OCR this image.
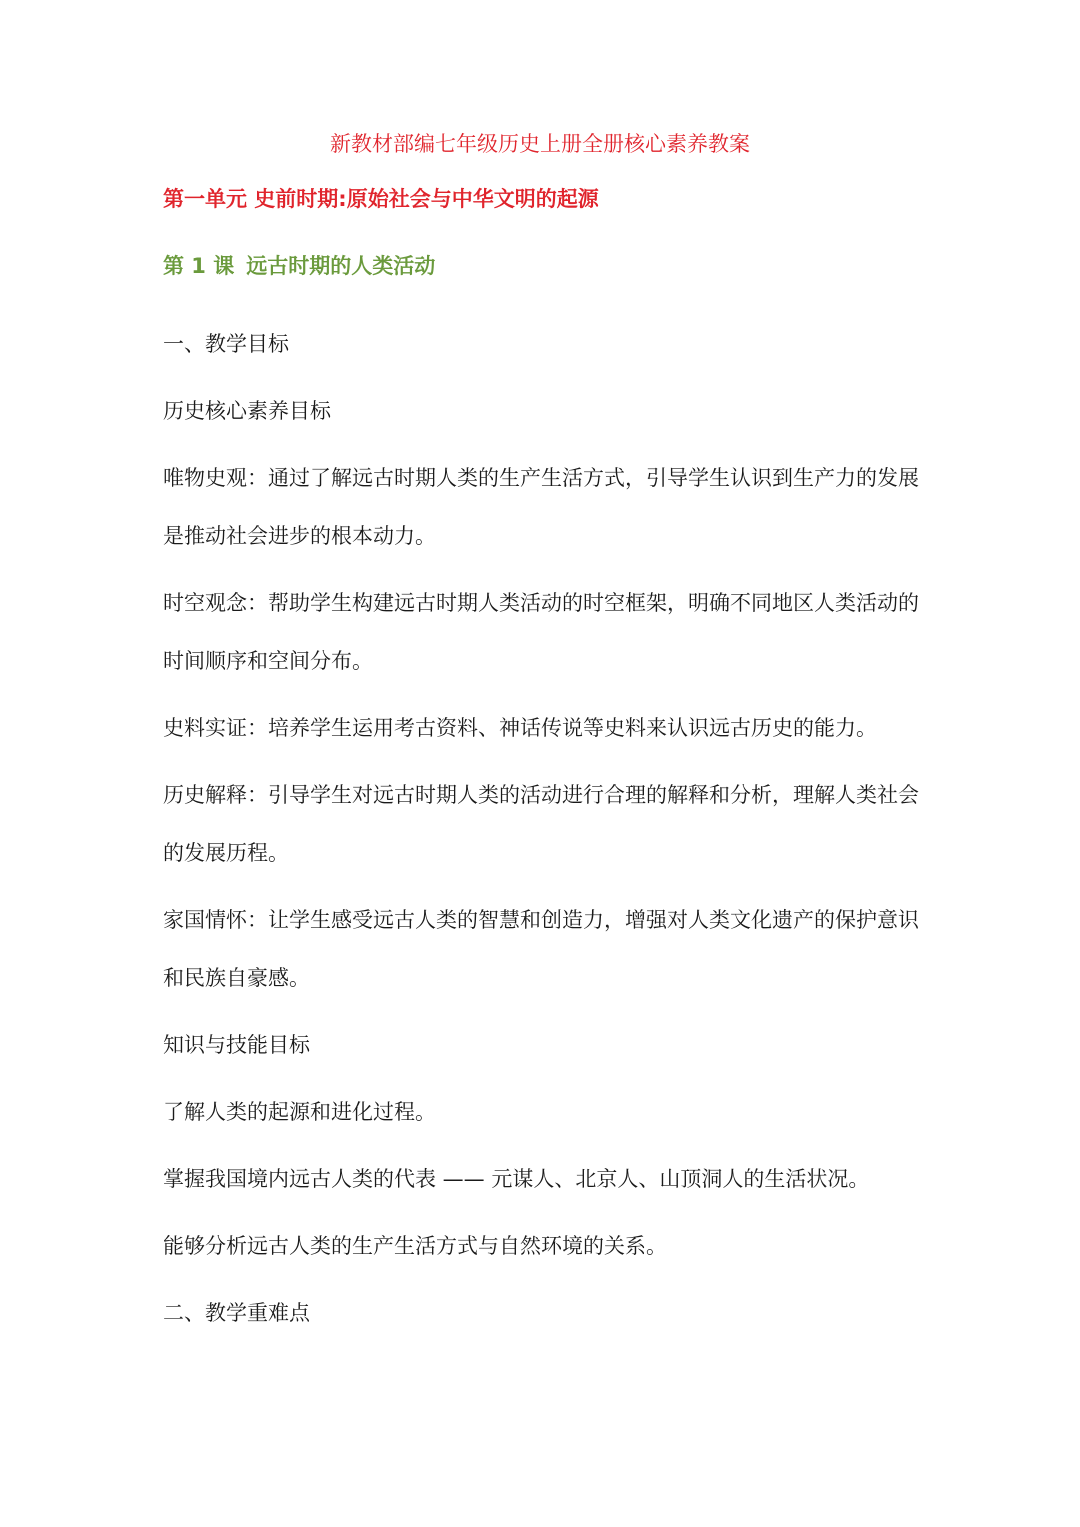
新教材部编七年级历史上册全册核心素养教案
第一单元 史前时期:原始社会与中华文明的起源
第 1 课 远古时期的人类活动

一、教学目标

历史核心素养目标

唯物史观：通过了解远古时期人类的生产生活方式，引导学生认识到生产力的发展是推动社会进步的根本动力。

时空观念：帮助学生构建远古时期人类活动的时空框架，明确不同地区人类活动的时间顺序和空间分布。

史料实证：培养学生运用考古资料、神话传说等史料来认识远古历史的能力。

历史解释：引导学生对远古时期人类的活动进行合理的解释和分析，理解人类社会的发展历程。

家国情怀：让学生感受远古人类的智慧和创造力，增强对人类文化遗产的保护意识和民族自豪感。

知识与技能目标

了解人类的起源和进化过程。

掌握我国境内远古人类的代表 —— 元谋人、北京人、山顶洞人的生活状况。

能够分析远古人类的生产生活方式与自然环境的关系。

二、教学重难点
